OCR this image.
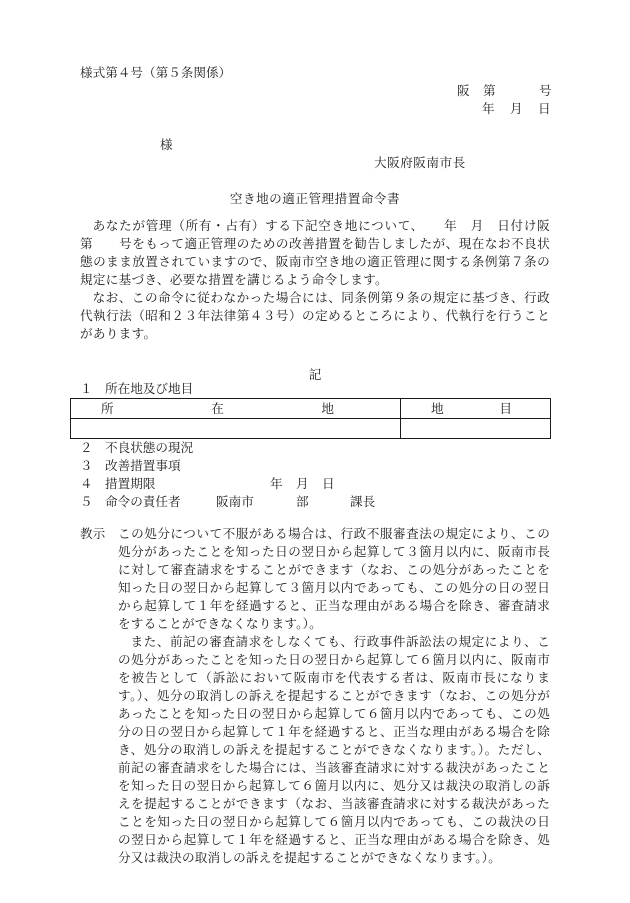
様式第４号（第５条関係）
阪 第	号
年 月 日
様
大阪府阪南市長
空き地の適正管理措置命令書

あなたが管理（所有・占有）する下記空き地について、　　年　月　日付け阪　第　　号をもって適正管理のための改善措置を勧告しましたが、現在なお不良状態のまま放置されていますので、阪南市空き地の適正管理に関する条例第７条の規定に基づき、必要な措置を講じるよう命令します。

なお、この命令に従わなかった場合には、同条例第９条の規定に基づき、行政代執行法（昭和２３年法律第４３号）の定めるところにより、代執行を行うことがあります。

記
１ 所在地及び地目
所 在 地	地 目

２ 不良状態の現況
３ 改善措置事項
４ 措置期限	年 月 日
５ 命令の責任者	阪南市	部	課長
教示	この処分について不服がある場合は、行政不服審査法の規定により、この処分があったことを知った日の翌日から起算して３箇月以内に、阪南市長に対して審査請求をすることができます（なお、この処分があったことを知った日の翌日から起算して３箇月以内であっても、この処分の日の翌日から起算して１年を経過すると、正当な理由がある場合を除き、審査請求をすることができなくなります。）。

また、前記の審査請求をしなくても、行政事件訴訟法の規定により、この処分があったことを知った日の翌日から起算して６箇月以内に、阪南市を被告として（訴訟において阪南市を代表する者は、阪南市長になります。）、処分の取消しの訴えを提起することができます（なお、この処分があったことを知った日の翌日から起算して６箇月以内であっても、この処分の日の翌日から起算して１年を経過すると、正当な理由がある場合を除き、処分の取消しの訴えを提起することができなくなります。）。ただし、前記の審査請求をした場合には、当該審査請求に対する裁決があったことを知った日の翌日から起算して６箇月以内に、処分又は裁決の取消しの訴えを提起することができます（なお、当該審査請求に対する裁決があったことを知った日の翌日から起算して６箇月以内であっても、この裁決の日の翌日から起算して１年を経過すると、正当な理由がある場合を除き、処分又は裁決の取消しの訴えを提起することができなくなります。）。
